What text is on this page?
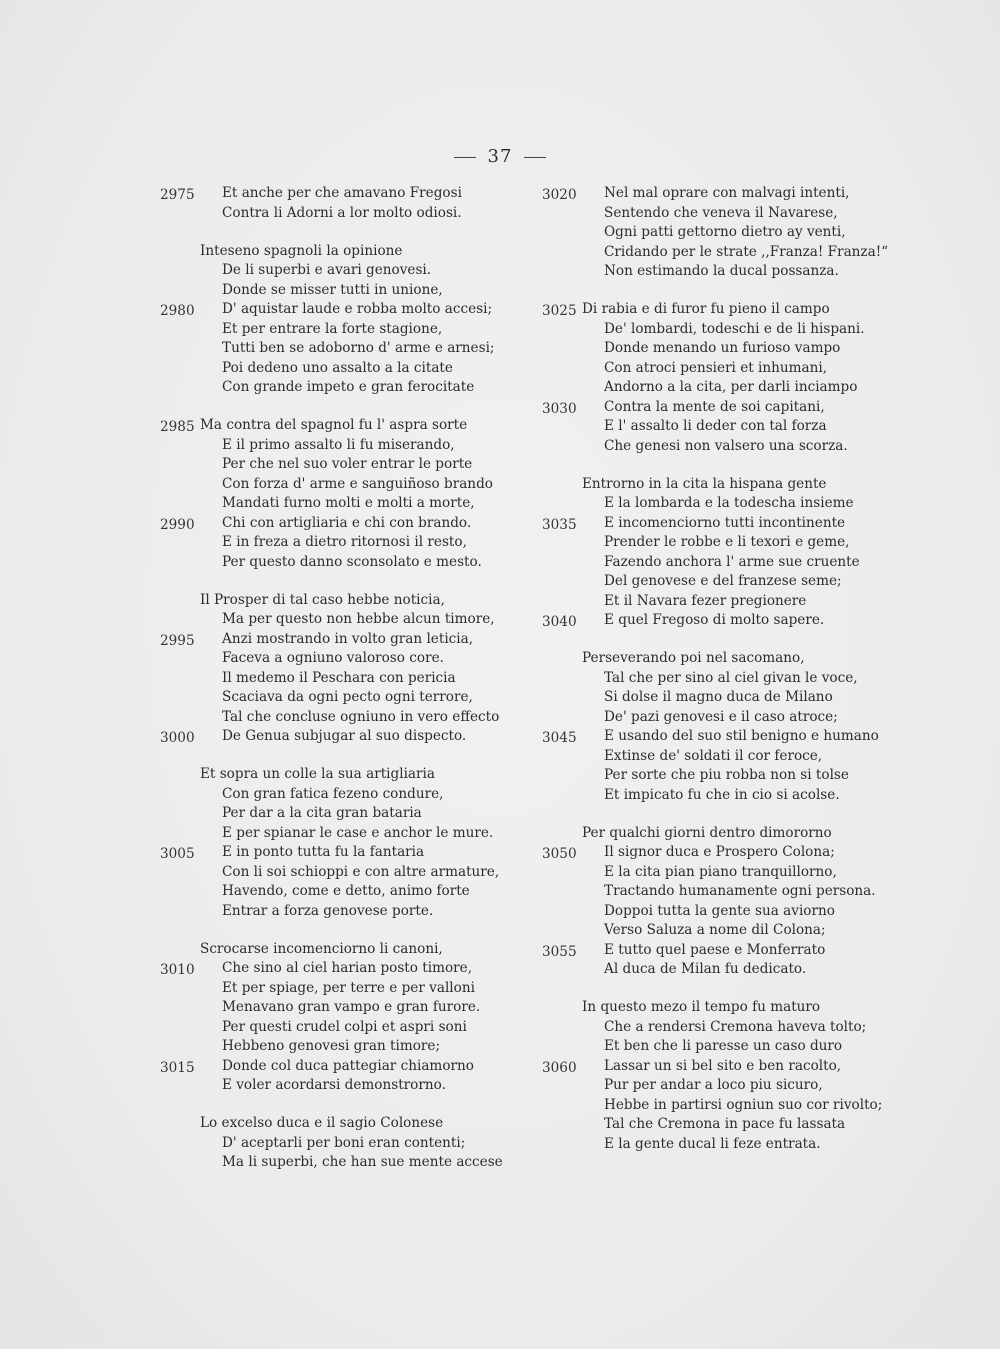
37
2975 Et anche per che amavano Fregosi
Contra li Adorni a lor molto odiosi.
Inteseno spagnoli la opinione
De li superbi e avari genovesi.
Donde se misser tutti in unione,
2980 D' aquistar laude e robba molto accesi;
Et per entrare la forte stagione,
Tutti ben se adoborno d' arme e arnesi;
Poi dedeno uno assalto a la citate
Con grande impeto e gran ferocitate
2985 Ma contra del spagnol fu l' aspra sorte
E il primo assalto li fu miserando,
Per che nel suo voler entrar le porte
Con forza d' arme e sanguiñoso brando
Mandati furno molti e molti a morte,
2990 Chi con artigliaria e chi con brando.
E in freza a dietro ritornosi il resto,
Per questo danno sconsolato e mesto.
Il Prosper di tal caso hebbe noticia,
Ma per questo non hebbe alcun timore,
2995 Anzi mostrando in volto gran leticia,
Faceva a ogniuno valoroso core.
Il medemo il Peschara con pericia
Scaciava da ogni pecto ogni terrore,
Tal che concluse ogniuno in vero effecto
3000 De Genua subjugar al suo dispecto.
Et sopra un colle la sua artigliaria
Con gran fatica fezeno condure,
Per dar a la cita gran bataria
E per spianar le case e anchor le mure.
3005 E in ponto tutta fu la fantaria
Con li soi schioppi e con altre armature,
Havendo, come e detto, animo forte
Entrar a forza genovese porte.
Scrocarse incomenciorno li canoni,
3010 Che sino al ciel harian posto timore,
Et per spiage, per terre e per valloni
Menavano gran vampo e gran furore.
Per questi crudel colpi et aspri soni
Hebbeno genovesi gran timore;
3015 Donde col duca pattegiar chiamorno
E voler acordarsi demonstrorno.
Lo excelso duca e il sagio Colonese
D' aceptarli per boni eran contenti;
Ma li superbi, che han sue mente accese
3020 Nel mal oprare con malvagi intenti,
Sentendo che veneva il Navarese,
Ogni patti gettorno dietro ay venti,
Cridando per le strate ,,Franza! Franza!“
Non estimando la ducal possanza.
3025 Di rabia e di furor fu pieno il campo
De' lombardi, todeschi e de li hispani.
Donde menando un furioso vampo
Con atroci pensieri et inhumani,
Andorno a la cita, per darli inciampo
3030 Contra la mente de soi capitani,
E l' assalto li deder con tal forza
Che genesi non valsero una scorza.
Entrorno in la cita la hispana gente
E la lombarda e la todescha insieme
3035 E incomenciorno tutti incontinente
Prender le robbe e li texori e geme,
Fazendo anchora l' arme sue cruente
Del genovese e del franzese seme;
Et il Navara fezer pregionere
3040 E quel Fregoso di molto sapere.
Perseverando poi nel sacomano,
Tal che per sino al ciel givan le voce,
Si dolse il magno duca de Milano
De' pazi genovesi e il caso atroce;
3045 E usando del suo stil benigno e humano
Extinse de' soldati il cor feroce,
Per sorte che piu robba non si tolse
Et impicato fu che in cio si acolse.
Per qualchi giorni dentro dimororno
3050 Il signor duca e Prospero Colona;
E la cita pian piano tranquillorno,
Tractando humanamente ogni persona.
Doppoi tutta la gente sua aviorno
Verso Saluza a nome dil Colona;
3055 E tutto quel paese e Monferrato
Al duca de Milan fu dedicato.
In questo mezo il tempo fu maturo
Che a rendersi Cremona haveva tolto;
Et ben che li paresse un caso duro
3060 Lassar un si bel sito e ben racolto,
Pur per andar a loco piu sicuro,
Hebbe in partirsi ogniun suo cor rivolto;
Tal che Cremona in pace fu lassata
E la gente ducal li feze entrata.
